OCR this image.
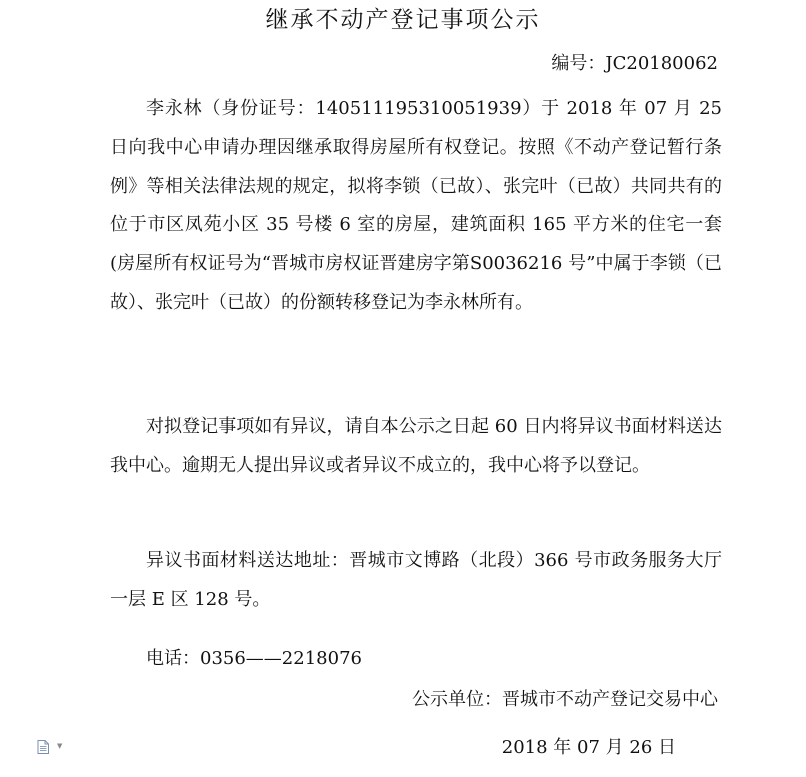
继承不动产登记事项公示
编号：JC20180062

李永林（身份证号：140511195310051939）于 2018 年 07 月 25 日向我中心申请办理因继承取得房屋所有权登记。按照《不动产登记暂行条例》等相关法律法规的规定，拟将李锁（已故）、张完叶（已故）共同共有的位于市区凤苑小区 35 号楼 6 室的房屋，建筑面积 165 平方米的住宅一套(房屋所有权证号为“晋城市房权证晋建房字第S0036216 号”中属于李锁（已故）、张完叶（已故）的份额转移登记为李永林所有。

对拟登记事项如有异议，请自本公示之日起 60 日内将异议书面材料送达我中心。逾期无人提出异议或者异议不成立的，我中心将予以登记。

异议书面材料送达地址：晋城市文博路（北段）366 号市政务服务大厅一层 E 区 128 号。

电话：0356——2218076

公示单位：晋城市不动产登记交易中心
2018 年 07 月 26 日
▼
